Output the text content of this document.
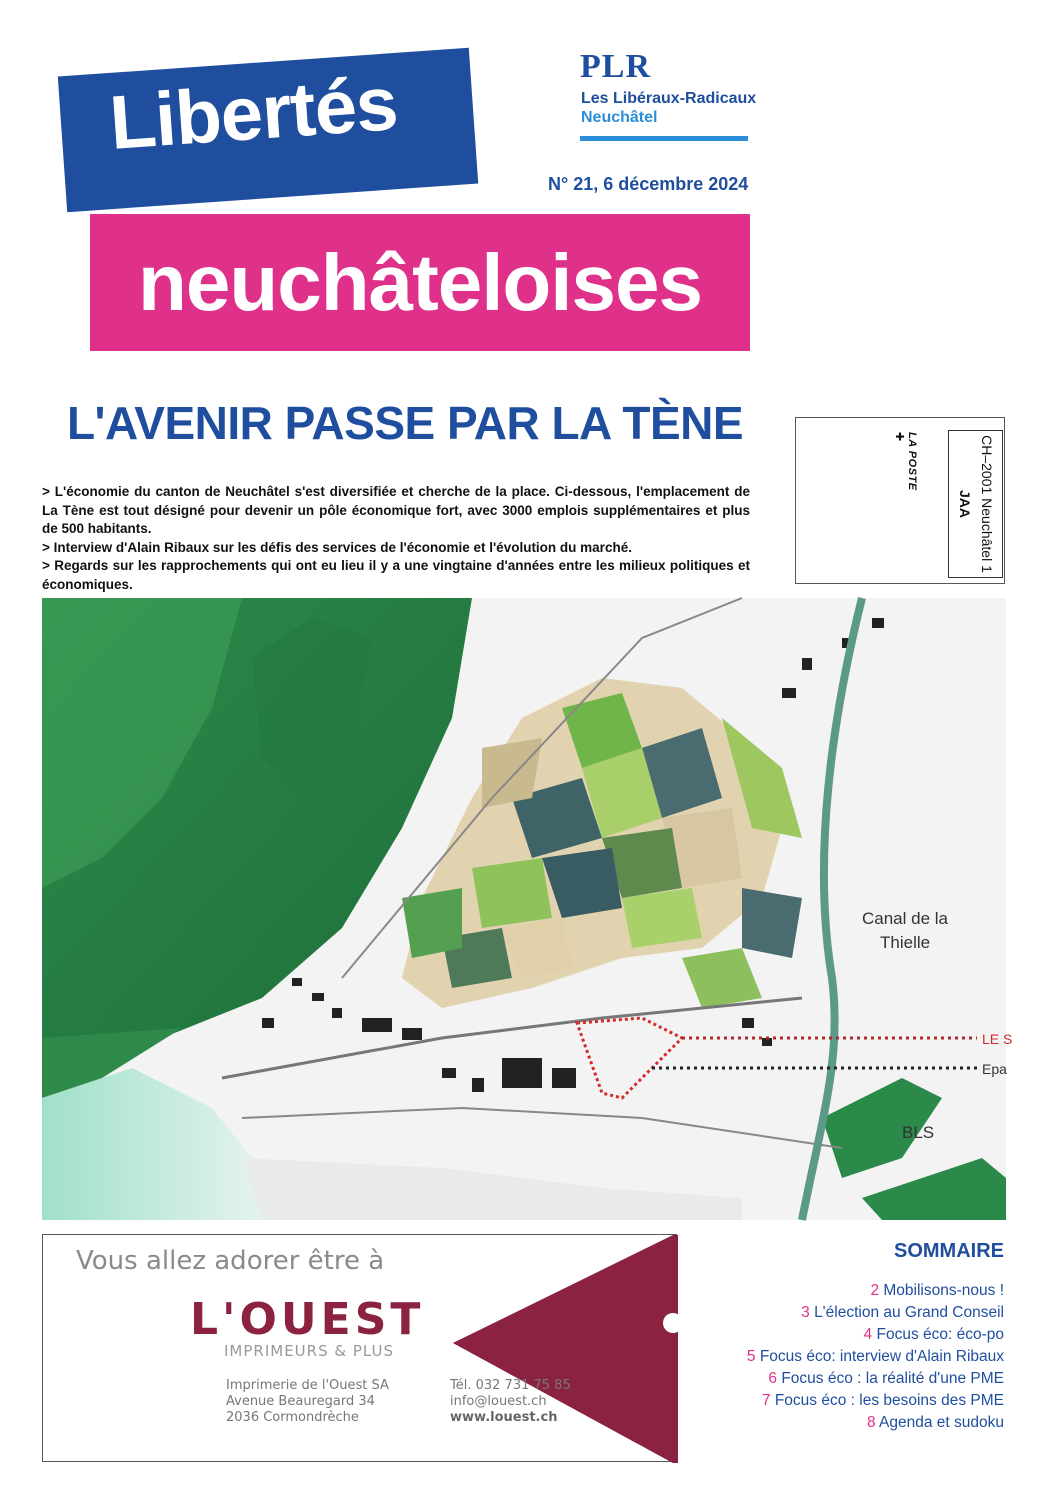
Libertés
neuchâteloises
PLR
Les Libéraux-Radicaux
Neuchâtel
N° 21, 6 décembre 2024
JAA CH–2001 Neuchâtel 1
LA POSTE ✚
L'AVENIR PASSE PAR LA TÈNE

> L'économie du canton de Neuchâtel s'est diversifiée et cherche de la place. Ci-dessous, l'emplacement de La Tène est tout désigné pour devenir un pôle économique fort, avec 3000 emplois supplémentaires et plus de 500 habitants.

> Interview d'Alain Ribaux sur les défis des services de l'économie et l'évolution du marché.

> Regards sur les rapprochements qui ont eu lieu il y a une vingtaine d'années entre les milieux politiques et économiques.

Canal de la
Thielle
LE S
Epa
BLS
Vous allez adorer être à
L'OUEST
IMPRIMEURS & PLUS
Imprimerie de l'Ouest SA
Avenue Beauregard 34
2036 Cormondrèche
Tél. 032 731 75 85
info@louest.ch
www.louest.ch
SOMMAIRE
2 Mobilisons-nous !
3 L'élection au Grand Conseil
4 Focus éco: éco-po
5 Focus éco: interview d'Alain Ribaux
6 Focus éco : la réalité d'une PME
7 Focus éco : les besoins des PME
8 Agenda et sudoku
